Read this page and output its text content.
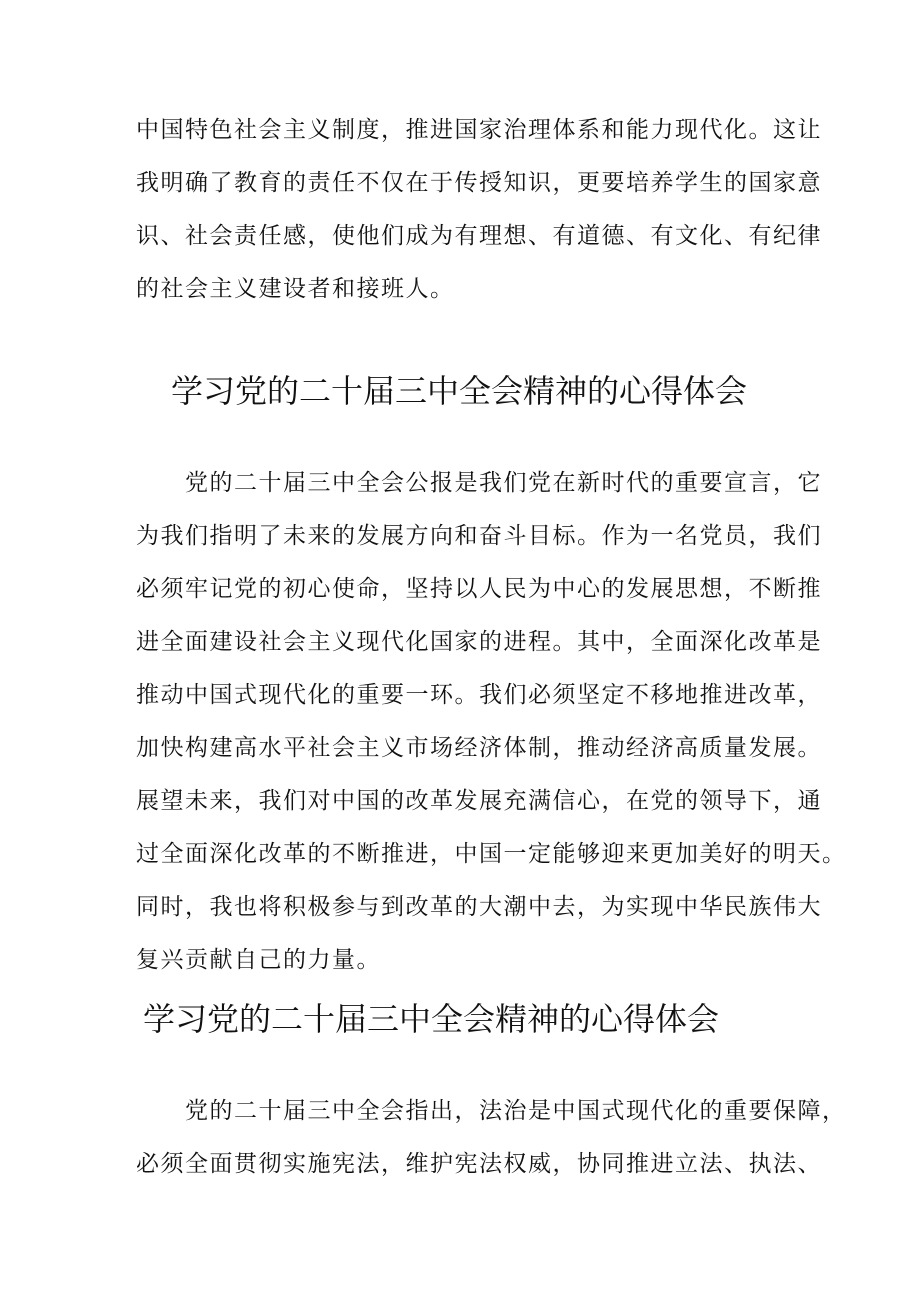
中国特色社会主义制度，推进国家治理体系和能力现代化。这让
我明确了教育的责任不仅在于传授知识，更要培养学生的国家意
识、社会责任感，使他们成为有理想、有道德、有文化、有纪律
的社会主义建设者和接班人。

学习党的二十届三中全会精神的心得体会

　　党的二十届三中全会公报是我们党在新时代的重要宣言，它
为我们指明了未来的发展方向和奋斗目标。作为一名党员，我们
必须牢记党的初心使命，坚持以人民为中心的发展思想，不断推
进全面建设社会主义现代化国家的进程。其中，全面深化改革是
推动中国式现代化的重要一环。我们必须坚定不移地推进改革，
加快构建高水平社会主义市场经济体制，推动经济高质量发展。
展望未来，我们对中国的改革发展充满信心，在党的领导下，通
过全面深化改革的不断推进，中国一定能够迎来更加美好的明天。
同时，我也将积极参与到改革的大潮中去，为实现中华民族伟大
复兴贡献自己的力量。

学习党的二十届三中全会精神的心得体会

　　党的二十届三中全会指出，法治是中国式现代化的重要保障，
必须全面贯彻实施宪法，维护宪法权威，协同推进立法、执法、
